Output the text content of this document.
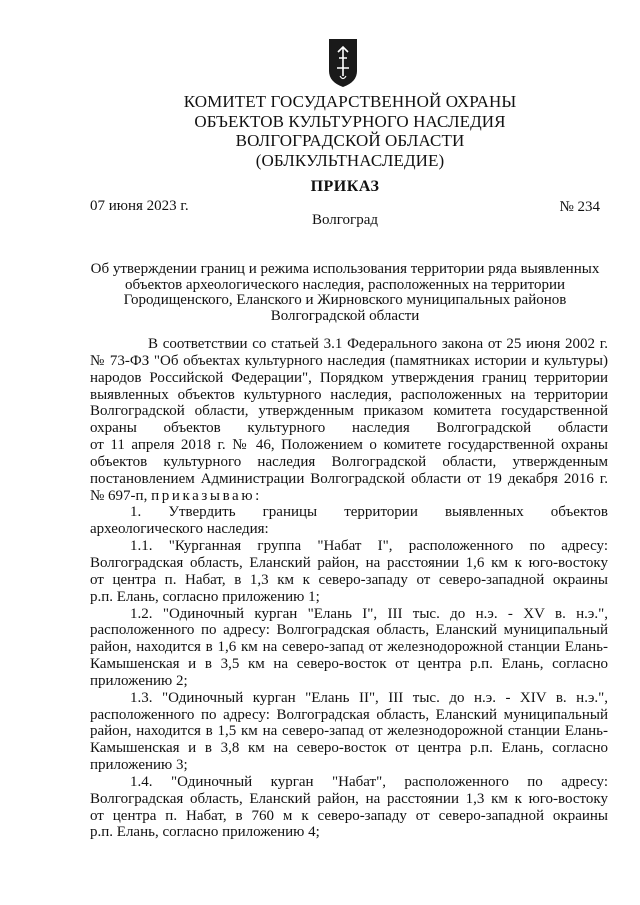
КОМИТЕТ ГОСУДАРСТВЕННОЙ ОХРАНЫ
ОБЪЕКТОВ КУЛЬТУРНОГО НАСЛЕДИЯ
ВОЛГОГРАДСКОЙ ОБЛАСТИ
(ОБЛКУЛЬТНАСЛЕДИЕ)
ПРИКАЗ
07 июня 2023 г.	№ 234
Волгоград
Об утверждении границ и режима использования территории ряда выявленных
объектов археологического наследия, расположенных на территории
Городищенского, Еланского и Жирновского муниципальных районов
Волгоградской области
В соответствии со статьей 3.1 Федерального закона от 25 июня 2002 г.
№ 73-ФЗ "Об объектах культурного наследия (памятниках истории и культуры)
народов Российской Федерации", Порядком утверждения границ территории
выявленных объектов культурного наследия, расположенных на территории
Волгоградской области, утвержденным приказом комитета государственной
охраны объектов культурного наследия Волгоградской области
от 11 апреля 2018 г. № 46, Положением о комитете государственной охраны
объектов культурного наследия Волгоградской области, утвержденным
постановлением Администрации Волгоградской области от 19 декабря 2016 г.
№ 697-п, приказываю:
1. Утвердить границы территории выявленных объектов
археологического наследия:
1.1. "Курганная группа "Набат I", расположенного по адресу:
Волгоградская область, Еланский район, на расстоянии 1,6 км к юго-востоку
от центра п. Набат, в 1,3 км к северо-западу от северо-западной окраины
р.п. Елань, согласно приложению 1;
1.2. "Одиночный курган "Елань I", III тыс. до н.э. - XV в. н.э.",
расположенного по адресу: Волгоградская область, Еланский муниципальный
район, находится в 1,6 км на северо-запад от железнодорожной станции Елань-
Камышенская и в 3,5 км на северо-восток от центра р.п. Елань, согласно
приложению 2;
1.3. "Одиночный курган "Елань II", III тыс. до н.э. - XIV в. н.э.",
расположенного по адресу: Волгоградская область, Еланский муниципальный
район, находится в 1,5 км на северо-запад от железнодорожной станции Елань-
Камышенская и в 3,8 км на северо-восток от центра р.п. Елань, согласно
приложению 3;
1.4. "Одиночный курган "Набат", расположенного по адресу:
Волгоградская область, Еланский район, на расстоянии 1,3 км к юго-востоку
от центра п. Набат, в 760 м к северо-западу от северо-западной окраины
р.п. Елань, согласно приложению 4;
